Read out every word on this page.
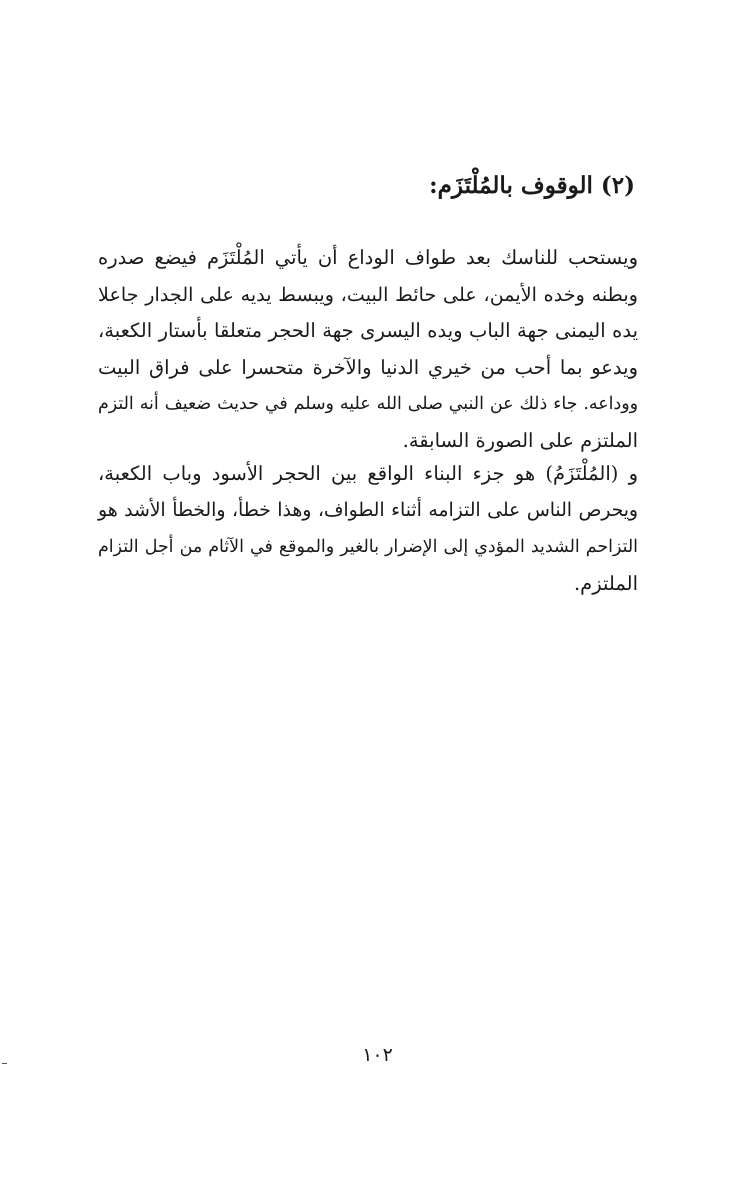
(٢) الوقوف بالمُلْتَزَم:
ويستحب للناسك بعد طواف الوداع أن يأتي المُلْتَزَم فيضع صدره
وبطنه وخده الأيمن، على حائط البيت، ويبسط يديه على الجدار جاعلا
يده اليمنى جهة الباب ويده اليسرى جهة الحجر متعلقا بأستار الكعبة،
ويدعو بما أحب من خيري الدنيا والآخرة متحسرا على فراق البيت
ووداعه. جاء ذلك عن النبي صلى الله عليه وسلم في حديث ضعيف أنه التزم
الملتزم على الصورة السابقة.
و (المُلْتَزَمُ) هو جزء البناء الواقع بين الحجر الأسود وباب الكعبة،
ويحرص الناس على التزامه أثناء الطواف، وهذا خطأ، والخطأ الأشد هو
التزاحم الشديد المؤدي إلى الإضرار بالغير والموقع في الآثام من أجل التزام
الملتزم.
١٠٢
